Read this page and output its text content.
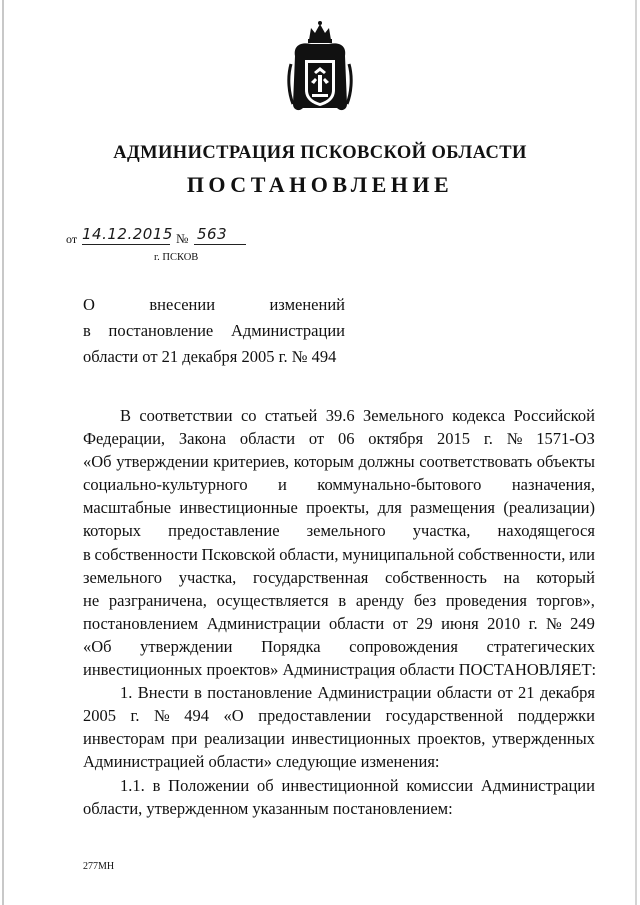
АДМИНИСТРАЦИЯ ПСКОВСКОЙ ОБЛАСТИ
ПОСТАНОВЛЕНИЕ
от 14.12.2015 № 563
г. ПСКОВ
О	внесении	изменений
в постановление Администрации
области от 21 декабря 2005 г. № 494
В соответствии со статьей 39.6 Земельного кодекса Российской
Федерации, Закона области от 06 октября 2015 г. № 1571-ОЗ
«Об утверждении критериев, которым должны соответствовать объекты
социально-культурного и коммунально-бытового назначения,
масштабные инвестиционные проекты, для размещения (реализации)
которых предоставление земельного участка, находящегося
в собственности Псковской области, муниципальной собственности, или
земельного участка, государственная собственность на который
не разграничена, осуществляется в аренду без проведения торгов»,
постановлением Администрации области от 29 июня 2010 г. № 249
«Об утверждении Порядка сопровождения стратегических
инвестиционных проектов» Администрация области ПОСТАНОВЛЯЕТ:
1. Внести в постановление Администрации области от 21 декабря
2005 г. № 494 «О предоставлении государственной поддержки
инвесторам при реализации инвестиционных проектов, утвержденных
Администрацией области» следующие изменения:
1.1. в Положении об инвестиционной комиссии Администрации
области, утвержденном указанным постановлением:
277МН
